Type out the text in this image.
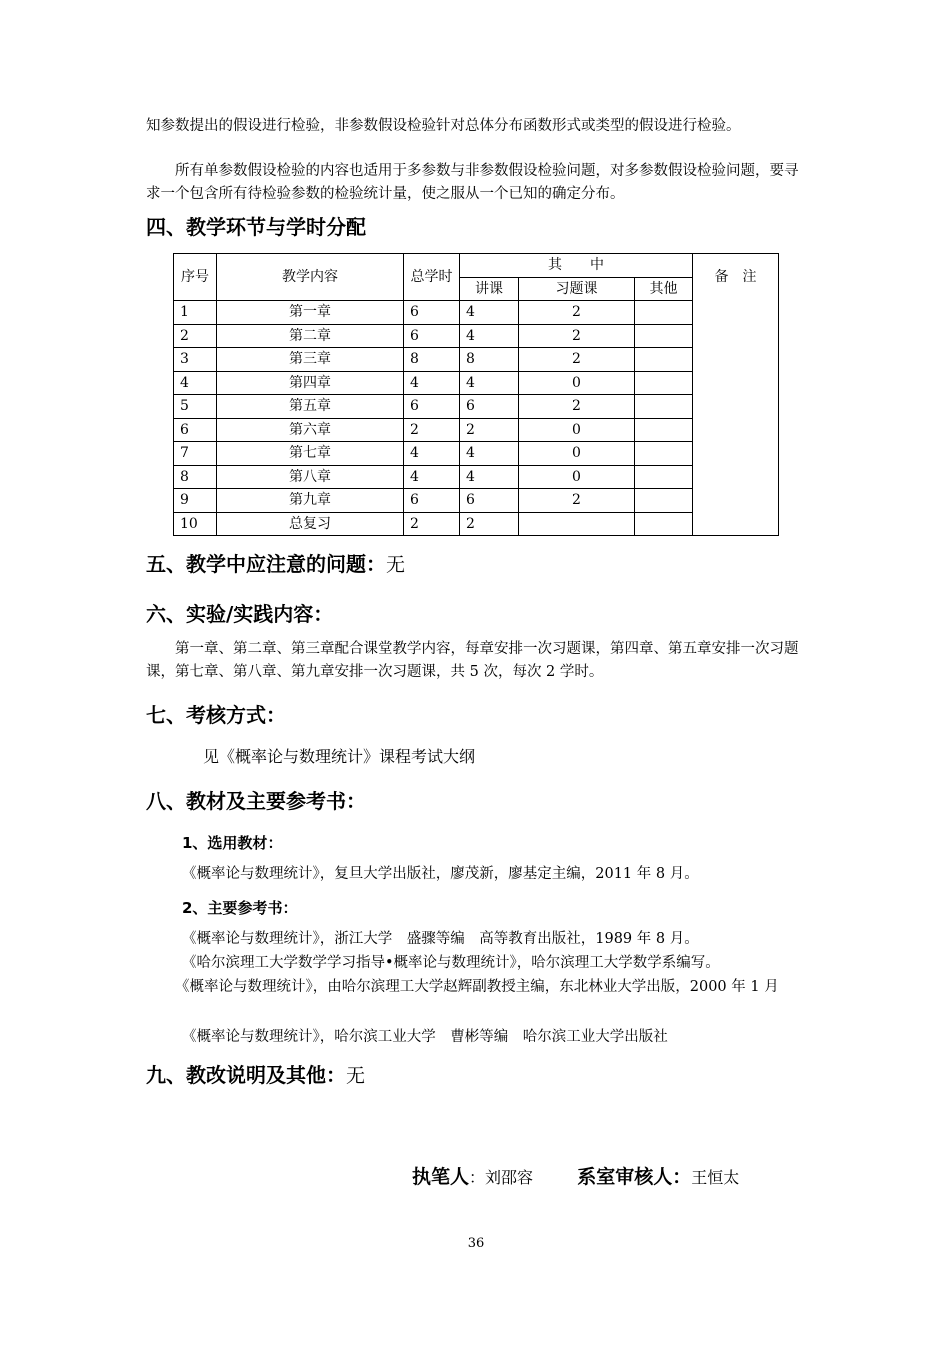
知参数提出的假设进行检验，非参数假设检验针对总体分布函数形式或类型的假设进行检验。
所有单参数假设检验的内容也适用于多参数与非参数假设检验问题，对多参数假设检验问题，要寻求一个包含所有待检验参数的检验统计量，使之服从一个已知的确定分布。
四、教学环节与学时分配
序号	教学内容	总学时	其　　中			备　注
			讲课	习题课	其他	
1	第一章	6	4	2		
2	第二章	6	4	2		
3	第三章	8	8	2		
4	第四章	4	4	0		
5	第五章	6	6	2		
6	第六章	2	2	0		
7	第七章	4	4	0		
8	第八章	4	4	0		
9	第九章	6	6	2		
10	总复习	2	2			
五、教学中应注意的问题：无
六、实验/实践内容：
第一章、第二章、第三章配合课堂教学内容，每章安排一次习题课，第四章、第五章安排一次习题课，第七章、第八章、第九章安排一次习题课，共 5 次，每次 2 学时。
七、考核方式：
见《概率论与数理统计》课程考试大纲
八、教材及主要参考书：
1、选用教材：
《概率论与数理统计》，复旦大学出版社，廖茂新，廖基定主编，2011 年 8 月。
2、主要参考书：
《概率论与数理统计》，浙江大学　盛骤等编　高等教育出版社，1989 年 8 月。
《哈尔滨理工大学数学学习指导•概率论与数理统计》，哈尔滨理工大学数学系编写。
《概率论与数理统计》，由哈尔滨理工大学赵辉副教授主编，东北林业大学出版，2000 年 1 月
《概率论与数理统计》，哈尔滨工业大学　曹彬等编　哈尔滨工业大学出版社
九、教改说明及其他：无
执笔人：刘邵容 系室审核人：王恒太
36
